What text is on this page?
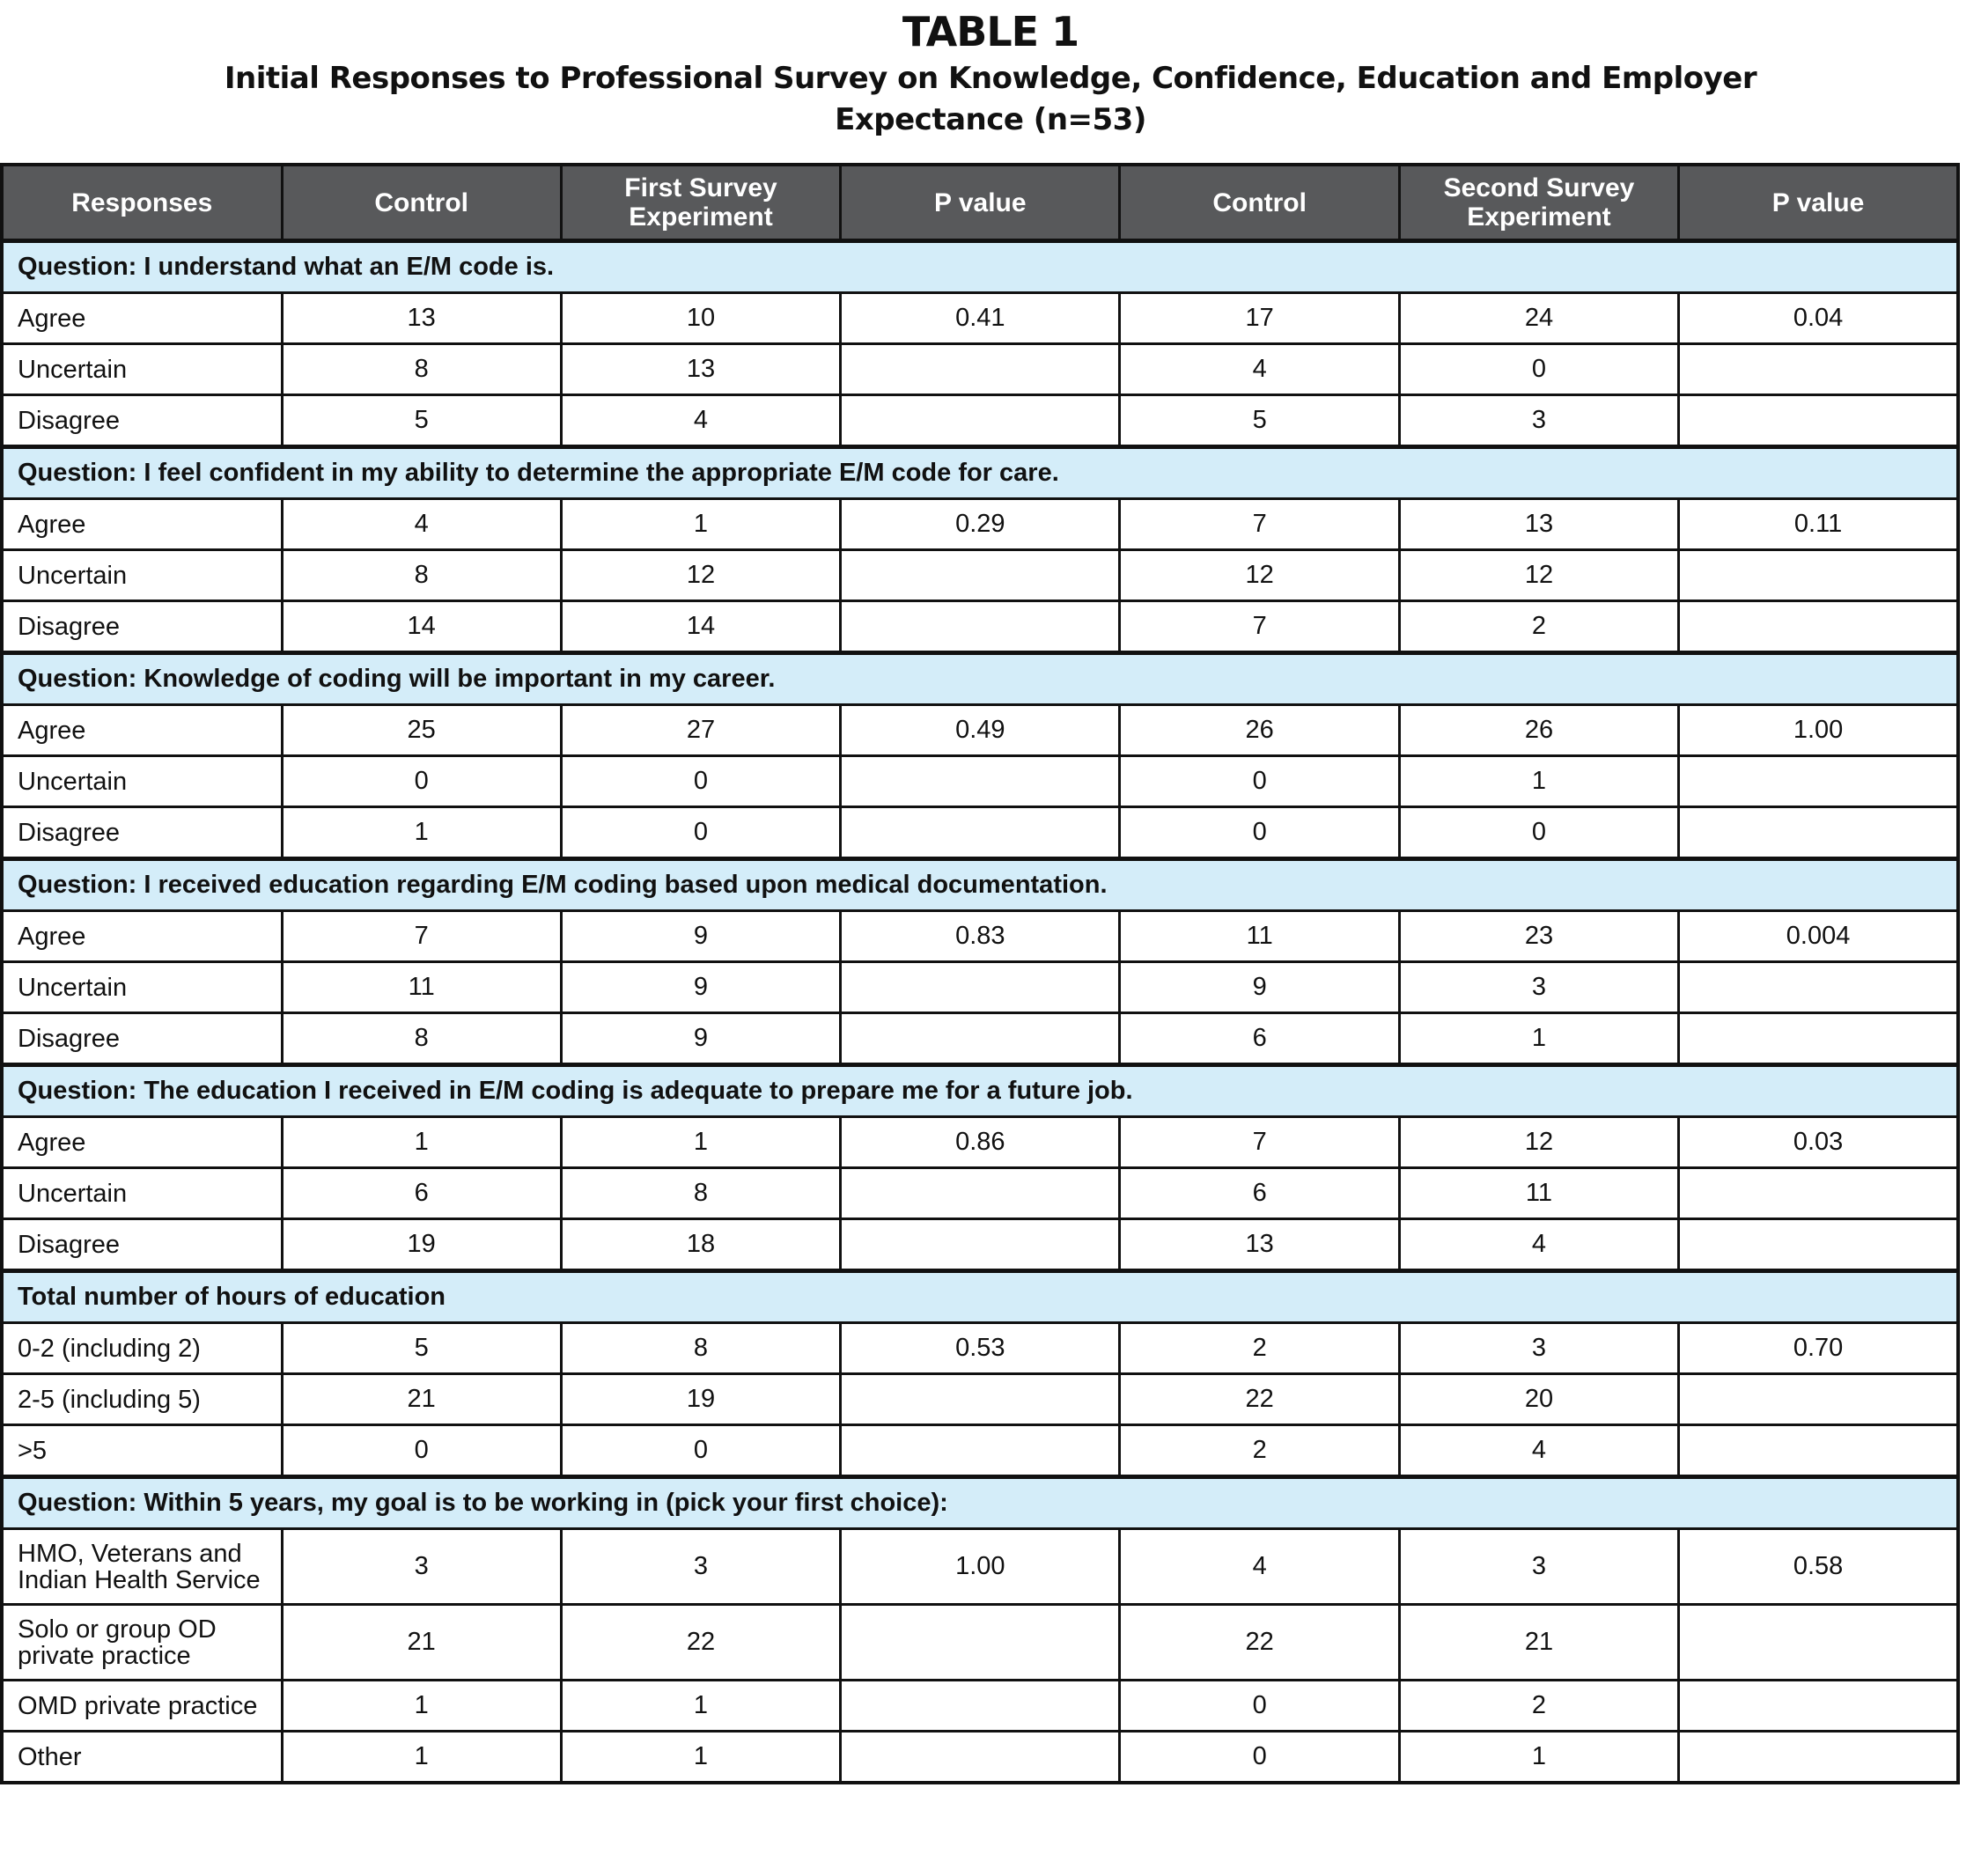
TABLE 1
Initial Responses to Professional Survey on Knowledge, Confidence, Education and Employer
Expectance (n=53)
Responses	Control	First Survey Experiment	P value	Control	Second Survey Experiment	P value
Question: I understand what an E/M code is.						
Agree	13	10	0.41	17	24	0.04
Uncertain	8	13		4	0	
Disagree	5	4		5	3	
Question: I feel confident in my ability to determine the appropriate E/M code for care.						
Agree	4	1	0.29	7	13	0.11
Uncertain	8	12		12	12	
Disagree	14	14		7	2	
Question: Knowledge of coding will be important in my career.						
Agree	25	27	0.49	26	26	1.00
Uncertain	0	0		0	1	
Disagree	1	0		0	0	
Question: I received education regarding E/M coding based upon medical documentation.						
Agree	7	9	0.83	11	23	0.004
Uncertain	11	9		9	3	
Disagree	8	9		6	1	
Question: The education I received in E/M coding is adequate to prepare me for a future job.						
Agree	1	1	0.86	7	12	0.03
Uncertain	6	8		6	11	
Disagree	19	18		13	4	
Total number of hours of education						
0-2 (including 2)	5	8	0.53	2	3	0.70
2-5 (including 5)	21	19		22	20	
>5	0	0		2	4	
Question: Within 5 years, my goal is to be working in (pick your first choice):						
HMO, Veterans and Indian Health Service	3	3	1.00	4	3	0.58
Solo or group OD private practice	21	22		22	21	
OMD private practice	1	1		0	2	
Other	1	1		0	1	
